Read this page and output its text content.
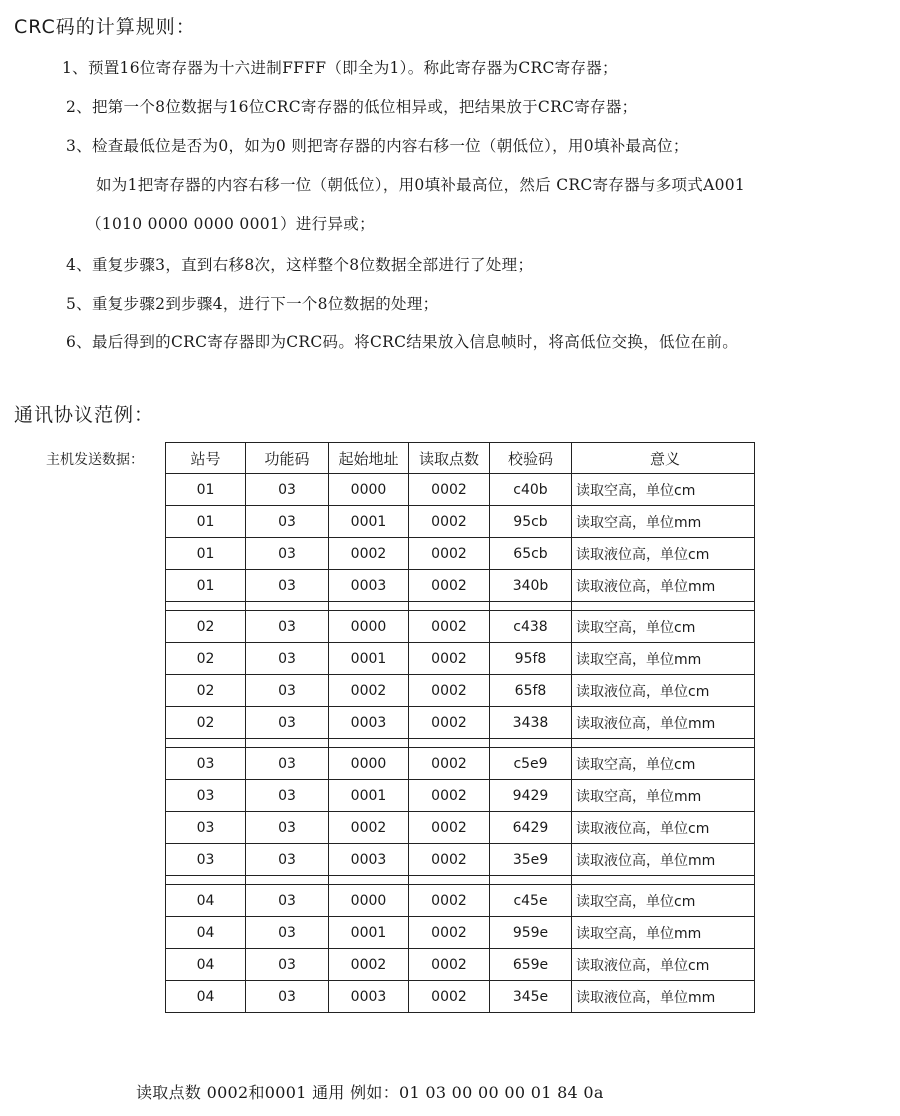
CRC码的计算规则：
1、预置16位寄存器为十六进制FFFF（即全为1）。称此寄存器为CRC寄存器；
2、把第一个8位数据与16位CRC寄存器的低位相异或，把结果放于CRC寄存器；
3、检查最低位是否为0，如为0 则把寄存器的内容右移一位（朝低位），用0填补最高位；
如为1把寄存器的内容右移一位（朝低位），用0填补最高位，然后 CRC寄存器与多项式A001
（1010 0000 0000 0001）进行异或；
4、重复步骤3，直到右移8次，这样整个8位数据全部进行了处理；
5、重复步骤2到步骤4，进行下一个8位数据的处理；
6、最后得到的CRC寄存器即为CRC码。将CRC结果放入信息帧时，将高低位交换，低位在前。
通讯协议范例：
主机发送数据：	站号	功能码	起始地址	读取点数	校验码	意义
01	03	0000	0002	c40b	读取空高，单位cm
01	03	0001	0002	95cb	读取空高，单位mm
01	03	0002	0002	65cb	读取液位高，单位cm
01	03	0003	0002	340b	读取液位高，单位mm

02	03	0000	0002	c438	读取空高，单位cm
02	03	0001	0002	95f8	读取空高，单位mm
02	03	0002	0002	65f8	读取液位高，单位cm
02	03	0003	0002	3438	读取液位高，单位mm

03	03	0000	0002	c5e9	读取空高，单位cm
03	03	0001	0002	9429	读取空高，单位mm
03	03	0002	0002	6429	读取液位高，单位cm
03	03	0003	0002	35e9	读取液位高，单位mm

04	03	0000	0002	c45e	读取空高，单位cm
04	03	0001	0002	959e	读取空高，单位mm
04	03	0002	0002	659e	读取液位高，单位cm
04	03	0003	0002	345e	读取液位高，单位mm
读取点数 0002和0001 通用 例如：01 03 00 00 00 01 84 0a
